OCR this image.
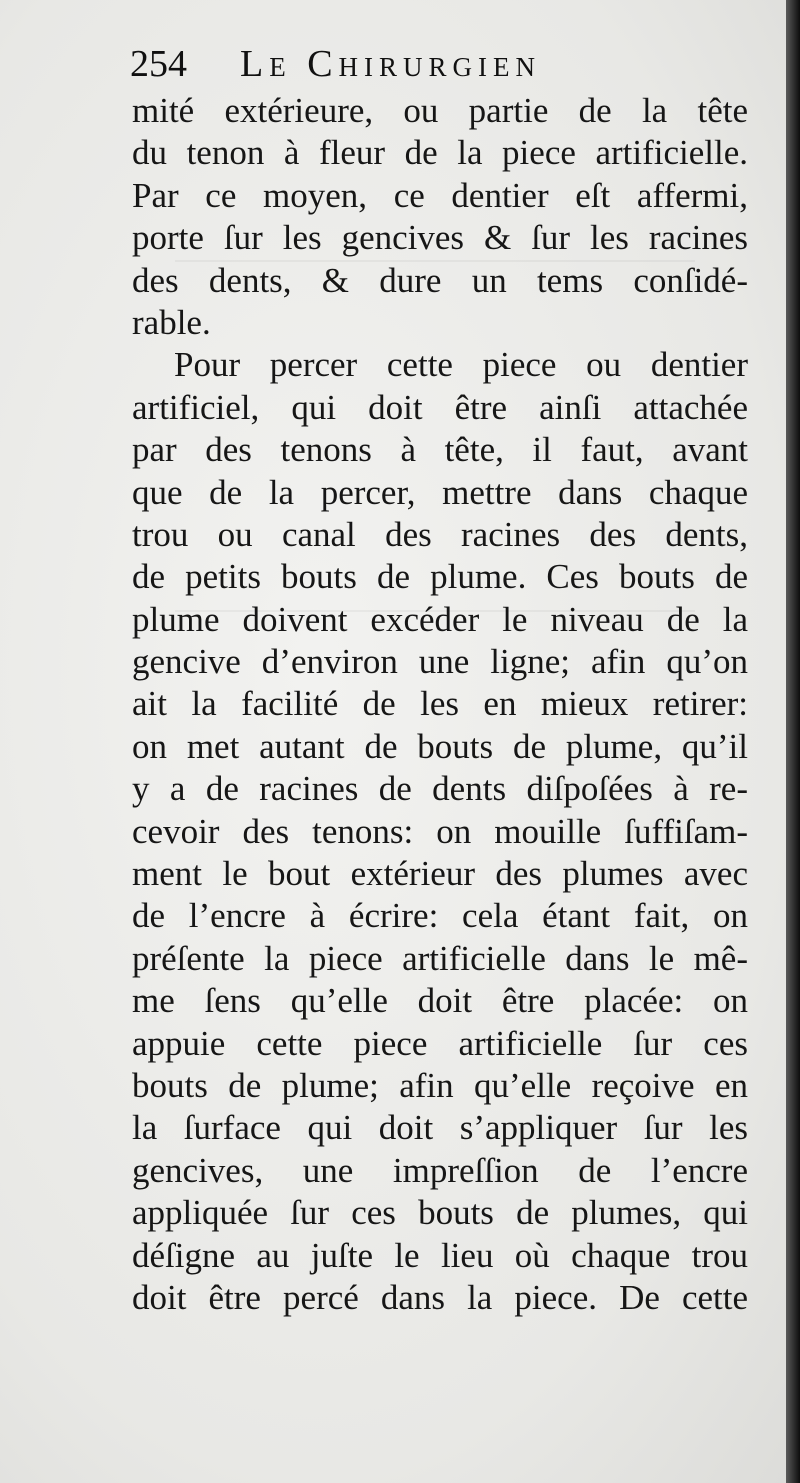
254 Le Chirurgien
mité extérieure, ou partie de la tête
du tenon à fleur de la piece artificielle.
Par ce moyen, ce dentier eſt affermi,
porte ſur les gencives & ſur les racines
des dents, & dure un tems conſidé-
rable.
Pour percer cette piece ou dentier
artificiel, qui doit être ainſi attachée
par des tenons à tête, il faut, avant
que de la percer, mettre dans chaque
trou ou canal des racines des dents,
de petits bouts de plume. Ces bouts de
plume doivent excéder le niveau de la
gencive d’environ une ligne; afin qu’on
ait la facilité de les en mieux retirer:
on met autant de bouts de plume, qu’il
y a de racines de dents diſpoſées à re-
cevoir des tenons: on mouille ſuffiſam-
ment le bout extérieur des plumes avec
de l’encre à écrire: cela étant fait, on
préſente la piece artificielle dans le mê-
me ſens qu’elle doit être placée: on
appuie cette piece artificielle ſur ces
bouts de plume; afin qu’elle reçoive en
la ſurface qui doit s’appliquer ſur les
gencives, une impreſſion de l’encre
appliquée ſur ces bouts de plumes, qui
déſigne au juſte le lieu où chaque trou
doit être percé dans la piece. De cette
